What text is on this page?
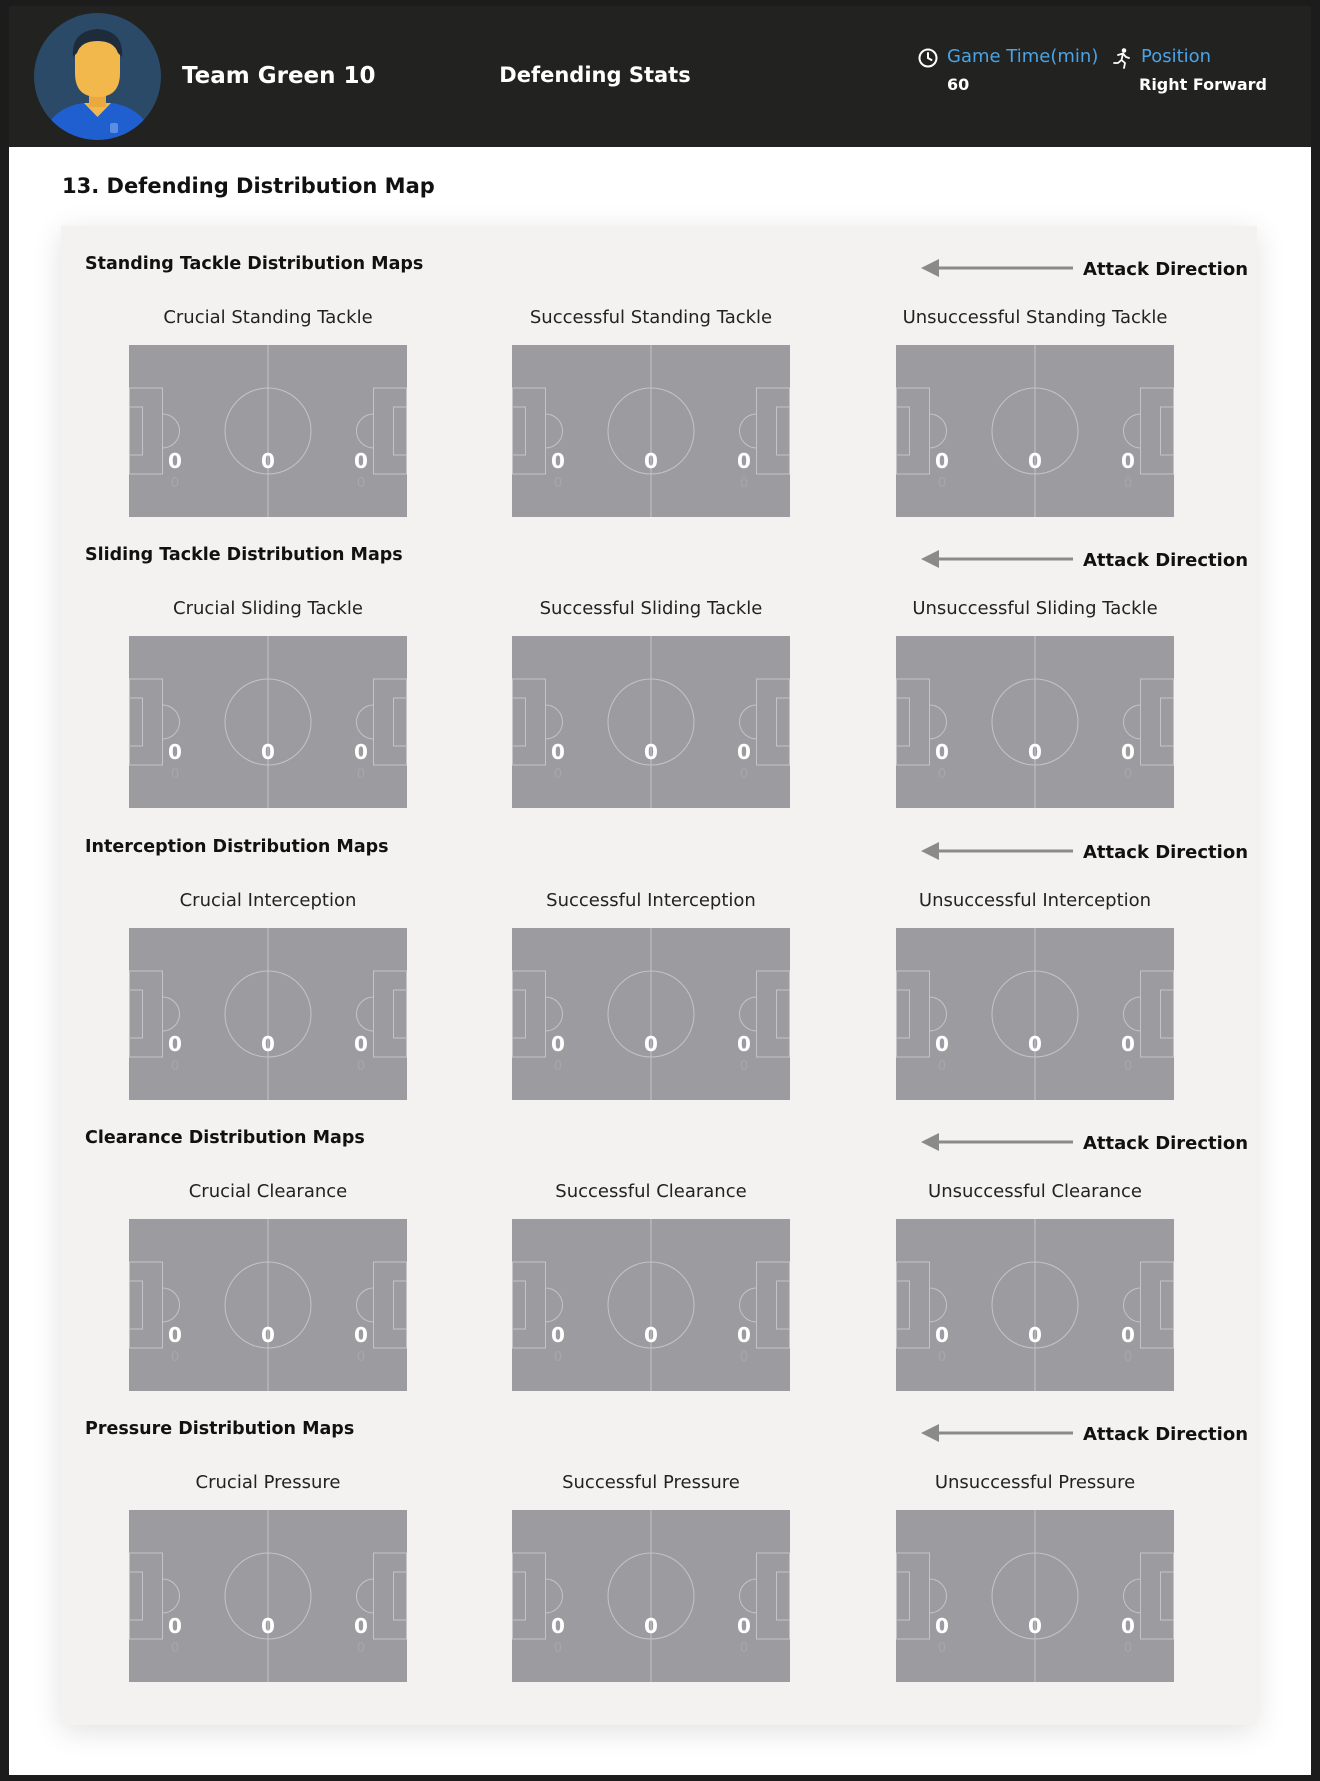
Team Green 10	Defending Stats
Game Time(min)
60
Position
Right Forward
13. Defending Distribution Map
Standing Tackle Distribution Maps	Attack Direction
Crucial Standing Tackle
0	0	0
0	0
Successful Standing Tackle
0	0	0
0	0
Unsuccessful Standing Tackle
0	0	0
0	0
Sliding Tackle Distribution Maps	Attack Direction
Crucial Sliding Tackle
0	0	0
0	0
Successful Sliding Tackle
0	0	0
0	0
Unsuccessful Sliding Tackle
0	0	0
0	0
Interception Distribution Maps	Attack Direction
Crucial Interception
0	0	0
0	0
Successful Interception
0	0	0
0	0
Unsuccessful Interception
0	0	0
0	0
Clearance Distribution Maps	Attack Direction
Crucial Clearance
0	0	0
0	0
Successful Clearance
0	0	0
0	0
Unsuccessful Clearance
0	0	0
0	0
Pressure Distribution Maps	Attack Direction
Crucial Pressure
0	0	0
0	0
Successful Pressure
0	0	0
0	0
Unsuccessful Pressure
0	0	0
0	0
